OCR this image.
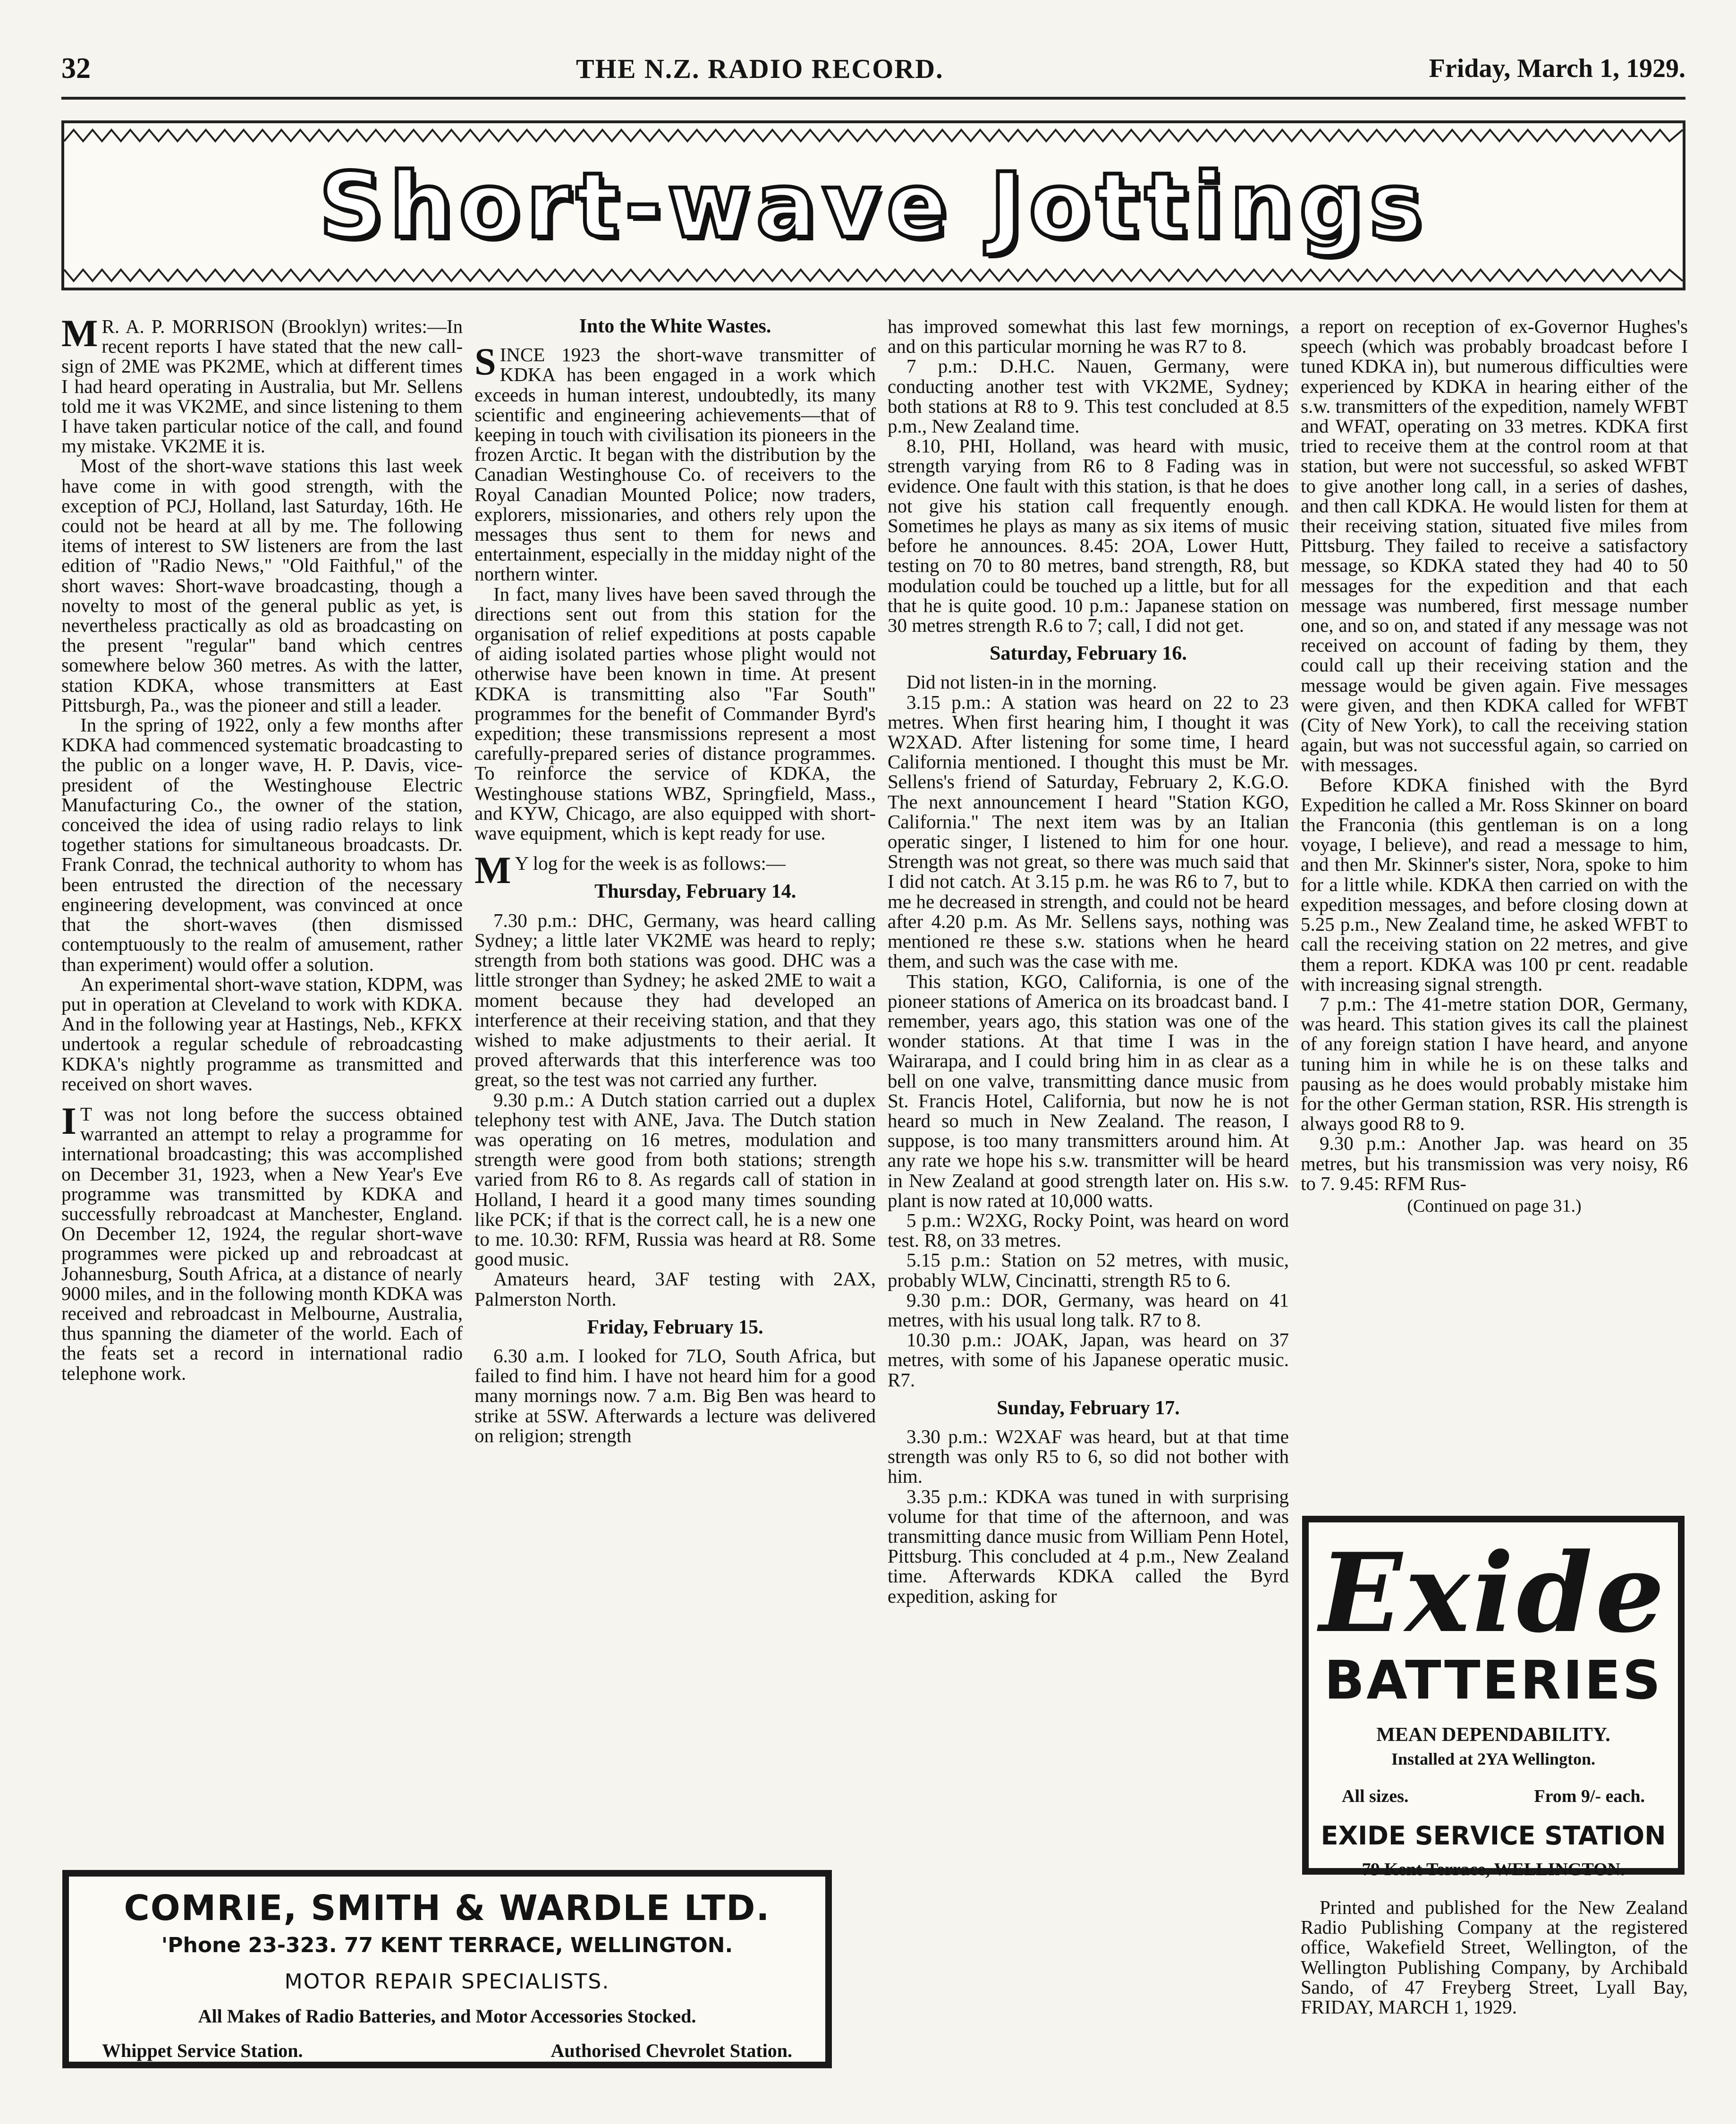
32	THE N.Z. RADIO RECORD.	Friday, March 1, 1929.
Short-wave Jottings

M R. A. P. MORRISON (Brooklyn) writes:—In recent reports I have stated that the new call-sign of 2ME was PK2ME, which at different times I had heard operating in Australia, but Mr. Sellens told me it was VK2ME, and since listening to them I have taken particular notice of the call, and found my mistake. VK2ME it is.

Most of the short-wave stations this last week have come in with good strength, with the exception of PCJ, Holland, last Saturday, 16th. He could not be heard at all by me. The following items of interest to SW listeners are from the last edition of "Radio News," "Old Faithful," of the short waves: Short-wave broadcasting, though a novelty to most of the general public as yet, is nevertheless practically as old as broadcasting on the present "regular" band which centres somewhere below 360 metres. As with the latter, station KDKA, whose transmitters at East Pittsburgh, Pa., was the pioneer and still a leader.

In the spring of 1922, only a few months after KDKA had commenced systematic broadcasting to the public on a longer wave, H. P. Davis, vice-president of the Westinghouse Electric Manufacturing Co., the owner of the station, conceived the idea of using radio relays to link together stations for simultaneous broadcasts. Dr. Frank Conrad, the technical authority to whom has been entrusted the direction of the necessary engineering development, was convinced at once that the short-waves (then dismissed contemptuously to the realm of amusement, rather than experiment) would offer a solution.

An experimental short-wave station, KDPM, was put in operation at Cleveland to work with KDKA. And in the following year at Hastings, Neb., KFKX undertook a regular schedule of rebroadcasting KDKA's nightly programme as transmitted and received on short waves.

I T was not long before the success obtained warranted an attempt to relay a programme for international broadcasting; this was accomplished on December 31, 1923, when a New Year's Eve programme was transmitted by KDKA and successfully rebroadcast at Manchester, England. On December 12, 1924, the regular short-wave programmes were picked up and rebroadcast at Johannesburg, South Africa, at a distance of nearly 9000 miles, and in the following month KDKA was received and rebroadcast in Melbourne, Australia, thus spanning the diameter of the world. Each of the feats set a record in international radio telephone work.

Into the White Wastes.

SINCE 1923 the short-wave transmitter of KDKA has been engaged in a work which exceeds in human interest, undoubtedly, its many scientific and engineering achievements—that of keeping in touch with civilisation its pioneers in the frozen Arctic. It began with the distribution by the Canadian Westinghouse Co. of receivers to the Royal Canadian Mounted Police; now traders, explorers, missionaries, and others rely upon the messages thus sent to them for news and entertainment, especially in the midday night of the northern winter.

In fact, many lives have been saved through the directions sent out from this station for the organisation of relief expeditions at posts capable of aiding isolated parties whose plight would not otherwise have been known in time. At present KDKA is transmitting also "Far South" programmes for the benefit of Commander Byrd's expedition; these transmissions represent a most carefully-prepared series of distance programmes. To reinforce the service of KDKA, the Westinghouse stations WBZ, Springfield, Mass., and KYW, Chicago, are also equipped with short-wave equipment, which is kept ready for use.

M Y log for the week is as follows:—

Thursday, February 14.

7.30 p.m.: DHC, Germany, was heard calling Sydney; a little later VK2ME was heard to reply; strength from both stations was good. DHC was a little stronger than Sydney; he asked 2ME to wait a moment because they had developed an interference at their receiving station, and that they wished to make adjustments to their aerial. It proved afterwards that this interference was too great, so the test was not carried any further.

9.30 p.m.: A Dutch station carried out a duplex telephony test with ANE, Java. The Dutch station was operating on 16 metres, modulation and strength were good from both stations; strength varied from R6 to 8. As regards call of station in Holland, I heard it a good many times sounding like PCK; if that is the correct call, he is a new one to me. 10.30: RFM, Russia was heard at R8. Some good music.

Amateurs heard, 3AF testing with 2AX, Palmerston North.

Friday, February 15.

6.30 a.m. I looked for 7LO, South Africa, but failed to find him. I have not heard him for a good many mornings now. 7 a.m. Big Ben was heard to strike at 5SW. Afterwards a lecture was delivered on religion; strength

has improved somewhat this last few mornings, and on this particular morning he was R7 to 8.

7 p.m.: D.H.C. Nauen, Germany, were conducting another test with VK2ME, Sydney; both stations at R8 to 9. This test concluded at 8.5 p.m., New Zealand time.

8.10, PHI, Holland, was heard with music, strength varying from R6 to 8 Fading was in evidence. One fault with this station, is that he does not give his station call frequently enough. Sometimes he plays as many as six items of music before he announces. 8.45: 2OA, Lower Hutt, testing on 70 to 80 metres, band strength, R8, but modulation could be touched up a little, but for all that he is quite good. 10 p.m.: Japanese station on 30 metres strength R.6 to 7; call, I did not get.

Saturday, February 16.

Did not listen-in in the morning.

3.15 p.m.: A station was heard on 22 to 23 metres. When first hearing him, I thought it was W2XAD. After listening for some time, I heard California mentioned. I thought this must be Mr. Sellens's friend of Saturday, February 2, K.G.O. The next announcement I heard "Station KGO, California." The next item was by an Italian operatic singer, I listened to him for one hour. Strength was not great, so there was much said that I did not catch. At 3.15 p.m. he was R6 to 7, but to me he decreased in strength, and could not be heard after 4.20 p.m. As Mr. Sellens says, nothing was mentioned re these s.w. stations when he heard them, and such was the case with me.

This station, KGO, California, is one of the pioneer stations of America on its broadcast band. I remember, years ago, this station was one of the wonder stations. At that time I was in the Wairarapa, and I could bring him in as clear as a bell on one valve, transmitting dance music from St. Francis Hotel, California, but now he is not heard so much in New Zealand. The reason, I suppose, is too many transmitters around him. At any rate we hope his s.w. transmitter will be heard in New Zealand at good strength later on. His s.w. plant is now rated at 10,000 watts.

5 p.m.: W2XG, Rocky Point, was heard on word test. R8, on 33 metres.

5.15 p.m.: Station on 52 metres, with music, probably WLW, Cincinatti, strength R5 to 6.

9.30 p.m.: DOR, Germany, was heard on 41 metres, with his usual long talk. R7 to 8.

10.30 p.m.: JOAK, Japan, was heard on 37 metres, with some of his Japanese operatic music. R7.

Sunday, February 17.

3.30 p.m.: W2XAF was heard, but at that time strength was only R5 to 6, so did not bother with him.

3.35 p.m.: KDKA was tuned in with surprising volume for that time of the afternoon, and was transmitting dance music from William Penn Hotel, Pittsburg. This concluded at 4 p.m., New Zealand time. Afterwards KDKA called the Byrd expedition, asking for

a report on reception of ex-Governor Hughes's speech (which was probably broadcast before I tuned KDKA in), but numerous difficulties were experienced by KDKA in hearing either of the s.w. transmitters of the expedition, namely WFBT and WFAT, operating on 33 metres. KDKA first tried to receive them at the control room at that station, but were not successful, so asked WFBT to give another long call, in a series of dashes, and then call KDKA. He would listen for them at their receiving station, situated five miles from Pittsburg. They failed to receive a satisfactory message, so KDKA stated they had 40 to 50 messages for the expedition and that each message was numbered, first message number one, and so on, and stated if any message was not received on account of fading by them, they could call up their receiving station and the message would be given again. Five messages were given, and then KDKA called for WFBT (City of New York), to call the receiving station again, but was not successful again, so carried on with messages.

Before KDKA finished with the Byrd Expedition he called a Mr. Ross Skinner on board the Franconia (this gentleman is on a long voyage, I believe), and read a message to him, and then Mr. Skinner's sister, Nora, spoke to him for a little while. KDKA then carried on with the expedition messages, and before closing down at 5.25 p.m., New Zealand time, he asked WFBT to call the receiving station on 22 metres, and give them a report. KDKA was 100 pr cent. readable with increasing signal strength.

7 p.m.: The 41-metre station DOR, Germany, was heard. This station gives its call the plainest of any foreign station I have heard, and anyone tuning him in while he is on these talks and pausing as he does would probably mistake him for the other German station, RSR. His strength is always good R8 to 9.

9.30 p.m.: Another Jap. was heard on 35 metres, but his transmission was very noisy, R6 to 7. 9.45: RFM Rus-

(Continued on page 31.)
Exide
BATTERIES
MEAN DEPENDABILITY.
Installed at 2YA Wellington.
All sizes.	From 9/- each.
EXIDE SERVICE STATION
79 Kent Terrace, WELLINGTON.

Printed and published for the New Zealand Radio Publishing Company at the registered office, Wakefield Street, Wellington, of the Wellington Publishing Company, by Archibald Sando, of 47 Freyberg Street, Lyall Bay, FRIDAY, MARCH 1, 1929.

COMRIE, SMITH & WARDLE LTD.
'Phone 23-323. 77 KENT TERRACE, WELLINGTON.
MOTOR REPAIR SPECIALISTS.
All Makes of Radio Batteries, and Motor Accessories Stocked.
Whippet Service Station.	Authorised Chevrolet Station.
